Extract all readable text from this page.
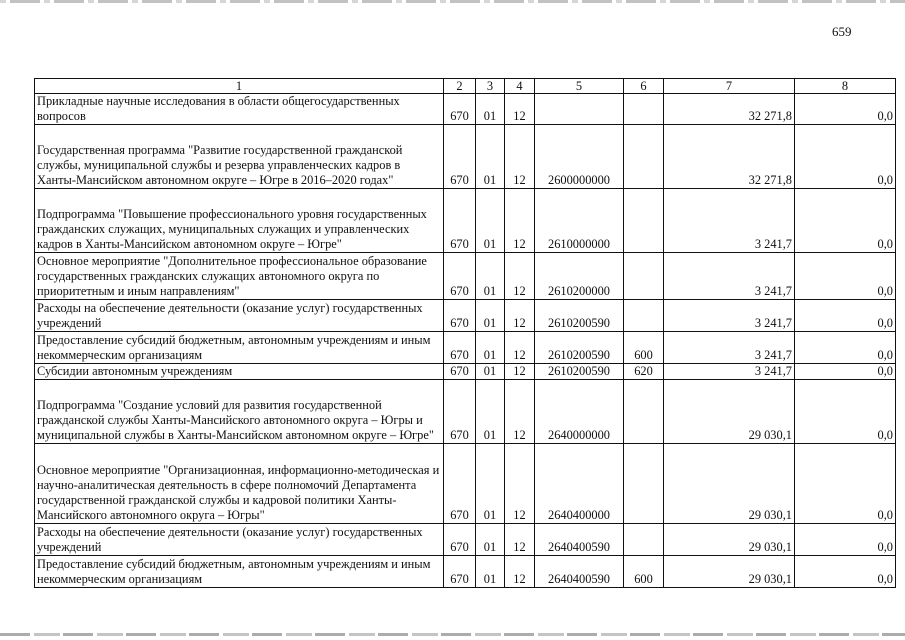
659
1	2	3	4	5	6	7	8
Прикладные научные исследования в области общегосударственных вопросов	670	01	12			32 271,8	0,0
Государственная программа "Развитие государственной гражданской службы, муниципальной службы и резерва управленческих кадров в Ханты-Мансийском автономном округе – Югре в 2016–2020 годах"	670	01	12	2600000000		32 271,8	0,0
Подпрограмма "Повышение профессионального уровня государственных гражданских служащих, муниципальных служащих и управленческих кадров в Ханты-Мансийском автономном округе – Югре"	670	01	12	2610000000		3 241,7	0,0
Основное мероприятие "Дополнительное профессиональное образование государственных гражданских служащих автономного округа по приоритетным и иным направлениям"	670	01	12	2610200000		3 241,7	0,0
Расходы на обеспечение деятельности (оказание услуг) государственных учреждений	670	01	12	2610200590		3 241,7	0,0
Предоставление субсидий бюджетным, автономным учреждениям и иным некоммерческим организациям	670	01	12	2610200590	600	3 241,7	0,0
Субсидии автономным учреждениям	670	01	12	2610200590	620	3 241,7	0,0
Подпрограмма "Создание условий для развития государственной гражданской службы Ханты-Мансийского автономного округа – Югры и муниципальной службы в Ханты-Мансийском автономном округе – Югре"	670	01	12	2640000000		29 030,1	0,0
Основное мероприятие "Организационная, информационно-методическая и научно-аналитическая деятельность в сфере полномочий Департамента государственной гражданской службы и кадровой политики Ханты-Мансийского автономного округа – Югры"	670	01	12	2640400000		29 030,1	0,0
Расходы на обеспечение деятельности (оказание услуг) государственных учреждений	670	01	12	2640400590		29 030,1	0,0
Предоставление субсидий бюджетным, автономным учреждениям и иным некоммерческим организациям	670	01	12	2640400590	600	29 030,1	0,0
